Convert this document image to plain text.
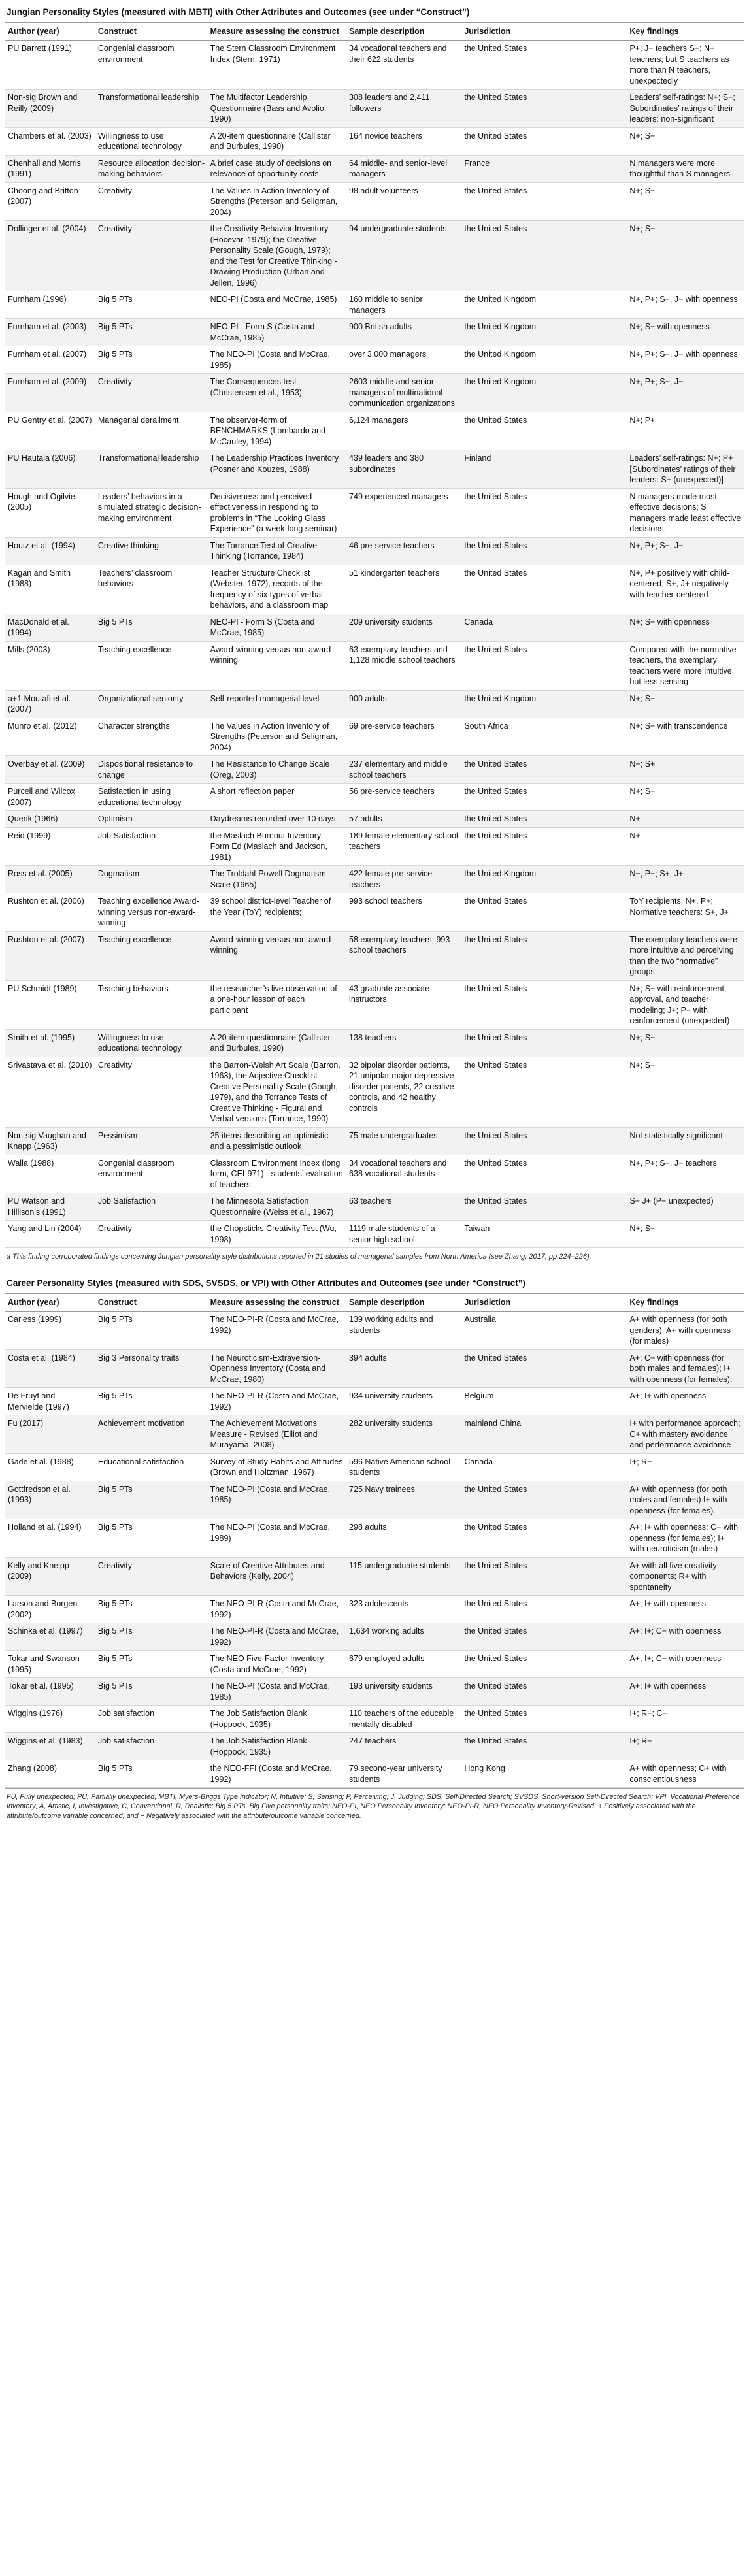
Jungian Personality Styles (measured with MBTI) with Other Attributes and Outcomes (see under “Construct”)
Author (year)	Construct	Measure assessing the construct	Sample description	Jurisdiction	Key findings
PU Barrett (1991)	Congenial classroom environment	The Stern Classroom Environment Index (Stern, 1971)	34 vocational teachers and their 622 students	the United States	P+; J− teachers S+; N+ teachers; but S teachers as more than N teachers, unexpectedly
Non-sig Brown and Reilly (2009)	Transformational leadership	The Multifactor Leadership Questionnaire (Bass and Avolio, 1990)	308 leaders and 2,411 followers	the United States	Leaders’ self-ratings: N+; S−; Subordinates’ ratings of their leaders: non-significant
Chambers et al. (2003)	Willingness to use educational technology	A 20-item questionnaire (Callister and Burbules, 1990)	164 novice teachers	the United States	N+; S−
Chenhall and Morris (1991)	Resource allocation decision-making behaviors	A brief case study of decisions on relevance of opportunity costs	64 middle- and senior-level managers	France	N managers were more thoughtful than S managers
Choong and Britton (2007)	Creativity	The Values in Action Inventory of Strengths (Peterson and Seligman, 2004)	98 adult volunteers	the United States	N+; S−
Dollinger et al. (2004)	Creativity	the Creativity Behavior Inventory (Hocevar, 1979); the Creative Personality Scale (Gough, 1979); and the Test for Creative Thinking - Drawing Production (Urban and Jellen, 1996)	94 undergraduate students	the United States	N+; S−
Furnham (1996)	Big 5 PTs	NEO-PI (Costa and McCrae, 1985)	160 middle to senior managers	the United Kingdom	N+, P+; S−, J− with openness
Furnham et al. (2003)	Big 5 PTs	NEO-PI - Form S (Costa and McCrae, 1985)	900 British adults	the United Kingdom	N+; S− with openness
Furnham et al. (2007)	Big 5 PTs	The NEO-PI (Costa and McCrae, 1985)	over 3,000 managers	the United Kingdom	N+, P+; S−, J− with openness
Furnham et al. (2009)	Creativity	The Consequences test (Christensen et al., 1953)	2603 middle and senior managers of multinational communication organizations	the United Kingdom	N+, P+; S−, J−
PU Gentry et al. (2007)	Managerial derailment	The observer-form of BENCHMARKS (Lombardo and McCauley, 1994)	6,124 managers	the United States	N+; P+
PU Hautala (2006)	Transformational leadership	The Leadership Practices Inventory (Posner and Kouzes, 1988)	439 leaders and 380 subordinates	Finland	Leaders’ self-ratings: N+; P+ [Subordinates’ ratings of their leaders: S+ (unexpected)]
Hough and Ogilvie (2005)	Leaders’ behaviors in a simulated strategic decision-making environment	Decisiveness and perceived effectiveness in responding to problems in “The Looking Glass Experience” (a week-long seminar)	749 experienced managers	the United States	N managers made most effective decisions; S managers made least effective decisions.
Houtz et al. (1994)	Creative thinking	The Torrance Test of Creative Thinking (Torrance, 1984)	46 pre-service teachers	the United States	N+, P+; S−, J−
Kagan and Smith (1988)	Teachers’ classroom behaviors	Teacher Structure Checklist (Webster, 1972), records of the frequency of six types of verbal behaviors, and a classroom map	51 kindergarten teachers	the United States	N+, P+ positively with child-centered; S+, J+ negatively with teacher-centered
MacDonald et al. (1994)	Big 5 PTs	NEO-PI - Form S (Costa and McCrae, 1985)	209 university students	Canada	N+; S− with openness
Mills (2003)	Teaching excellence	Award-winning versus non-award-winning	63 exemplary teachers and 1,128 middle school teachers	the United States	Compared with the normative teachers, the exemplary teachers were more intuitive but less sensing
a+1 Moutafi et al. (2007)	Organizational seniority	Self-reported managerial level	900 adults	the United Kingdom	N+; S−
Munro et al. (2012)	Character strengths	The Values in Action Inventory of Strengths (Peterson and Seligman, 2004)	69 pre-service teachers	South Africa	N+; S− with transcendence
Overbay et al. (2009)	Dispositional resistance to change	The Resistance to Change Scale (Oreg, 2003)	237 elementary and middle school teachers	the United States	N−; S+
Purcell and Wilcox (2007)	Satisfaction in using educational technology	A short reflection paper	56 pre-service teachers	the United States	N+; S−
Quenk (1966)	Optimism	Daydreams recorded over 10 days	57 adults	the United States	N+
Reid (1999)	Job Satisfaction	the Maslach Burnout Inventory - Form Ed (Maslach and Jackson, 1981)	189 female elementary school teachers	the United States	N+
Ross et al. (2005)	Dogmatism	The Troldahl-Powell Dogmatism Scale (1965)	422 female pre-service teachers	the United Kingdom	N−, P−; S+, J+
Rushton et al. (2006)	Teaching excellence Award-winning versus non-award-winning	39 school district-level Teacher of the Year (ToY) recipients;	993 school teachers	the United States	ToY recipients: N+, P+; Normative teachers: S+, J+
Rushton et al. (2007)	Teaching excellence	Award-winning versus non-award-winning	58 exemplary teachers; 993 school teachers	the United States	The exemplary teachers were more intuitive and perceiving than the two “normative” groups
PU Schmidt (1989)	Teaching behaviors	the researcher’s live observation of a one-hour lesson of each participant	43 graduate associate instructors	the United States	N+; S− with reinforcement, approval, and teacher modeling; J+; P− with reinforcement (unexpected)
Smith et al. (1995)	Willingness to use educational technology	A 20-item questionnaire (Callister and Burbules, 1990)	138 teachers	the United States	N+; S−
Srivastava et al. (2010)	Creativity	the Barron-Welsh Art Scale (Barron, 1963), the Adjective Checklist Creative Personality Scale (Gough, 1979), and the Torrance Tests of Creative Thinking - Figural and Verbal versions (Torrance, 1990)	32 bipolar disorder patients, 21 unipolar major depressive disorder patients, 22 creative controls, and 42 healthy controls	the United States	N+; S−
Non-sig Vaughan and Knapp (1963)	Pessimism	25 items describing an optimistic and a pessimistic outlook	75 male undergraduates	the United States	Not statistically significant
Walla (1988)	Congenial classroom environment	Classroom Environment Index (long form, CEI-971) - students’ evaluation of teachers	34 vocational teachers and 638 vocational students	the United States	N+, P+; S−, J− teachers
PU Watson and Hillison’s (1991)	Job Satisfaction	The Minnesota Satisfaction Questionnaire (Weiss et al., 1967)	63 teachers	the United States	S− J+ (P− unexpected)
Yang and Lin (2004)	Creativity	the Chopsticks Creativity Test (Wu, 1998)	1119 male students of a senior high school	Taiwan	N+; S−
a This finding corroborated findings concerning Jungian personality style distributions reported in 21 studies of managerial samples from North America (see Zhang, 2017, pp.224–226).
Career Personality Styles (measured with SDS, SVSDS, or VPI) with Other Attributes and Outcomes (see under “Construct”)
Author (year)	Construct	Measure assessing the construct	Sample description	Jurisdiction	Key findings
Carless (1999)	Big 5 PTs	The NEO-PI-R (Costa and McCrae, 1992)	139 working adults and students	Australia	A+ with openness (for both genders); A+ with openness (for males)
Costa et al. (1984)	Big 3 Personality traits	The Neuroticism-Extraversion-Openness Inventory (Costa and McCrae, 1980)	394 adults	the United States	A+; C− with openness (for both males and females); I+ with openness (for females).
De Fruyt and Mervielde (1997)	Big 5 PTs	The NEO-PI-R (Costa and McCrae, 1992)	934 university students	Belgium	A+; I+ with openness
Fu (2017)	Achievement motivation	The Achievement Motivations Measure - Revised (Elliot and Murayama, 2008)	282 university students	mainland China	I+ with performance approach; C+ with mastery avoidance and performance avoidance
Gade et al. (1988)	Educational satisfaction	Survey of Study Habits and Attitudes (Brown and Holtzman, 1967)	596 Native American school students	Canada	I+; R−
Gottfredson et al. (1993)	Big 5 PTs	The NEO-PI (Costa and McCrae, 1985)	725 Navy trainees	the United States	A+ with openness (for both males and females) I+ with openness (for females).
Holland et al. (1994)	Big 5 PTs	The NEO-PI (Costa and McCrae, 1989)	298 adults	the United States	A+; I+ with openness; C− with openness (for females); I+ with neuroticism (males)
Kelly and Kneipp (2009)	Creativity	Scale of Creative Attributes and Behaviors (Kelly, 2004)	115 undergraduate students	the United States	A+ with all five creativity components; R+ with spontaneity
Larson and Borgen (2002)	Big 5 PTs	The NEO-PI-R (Costa and McCrae, 1992)	323 adolescents	the United States	A+; I+ with openness
Schinka et al. (1997)	Big 5 PTs	The NEO-PI-R (Costa and McCrae, 1992)	1,634 working adults	the United States	A+; I+; C− with openness
Tokar and Swanson (1995)	Big 5 PTs	The NEO Five-Factor Inventory (Costa and McCrae, 1992)	679 employed adults	the United States	A+; I+; C− with openness
Tokar et al. (1995)	Big 5 PTs	The NEO-PI (Costa and McCrae, 1985)	193 university students	the United States	A+; I+ with openness
Wiggins (1976)	Job satisfaction	The Job Satisfaction Blank (Hoppock, 1935)	110 teachers of the educable mentally disabled	the United States	I+; R−; C−
Wiggins et al. (1983)	Job satisfaction	The Job Satisfaction Blank (Hoppock, 1935)	247 teachers	the United States	I+; R−
Zhang (2008)	Big 5 PTs	the NEO-FFI (Costa and McCrae, 1992)	79 second-year university students	Hong Kong	A+ with openness; C+ with conscientiousness
FU, Fully unexpected; PU, Partially unexpected; MBTI, Myers-Briggs Type Indicator; N, Intuitive; S, Sensing; P, Perceiving; J, Judging; SDS, Self-Directed Search; SVSDS, Short-version Self-Directed Search; VPI, Vocational Preference Inventory; A, Artistic, I, Investigative, C, Conventional, R, Realistic; Big 5 PTs, Big Five personality traits; NEO-PI, NEO Personality Inventory; NEO-PI-R, NEO Personality Inventory-Revised. + Positively associated with the attribute/outcome variable concerned; and − Negatively associated with the attribute/outcome variable concerned.
